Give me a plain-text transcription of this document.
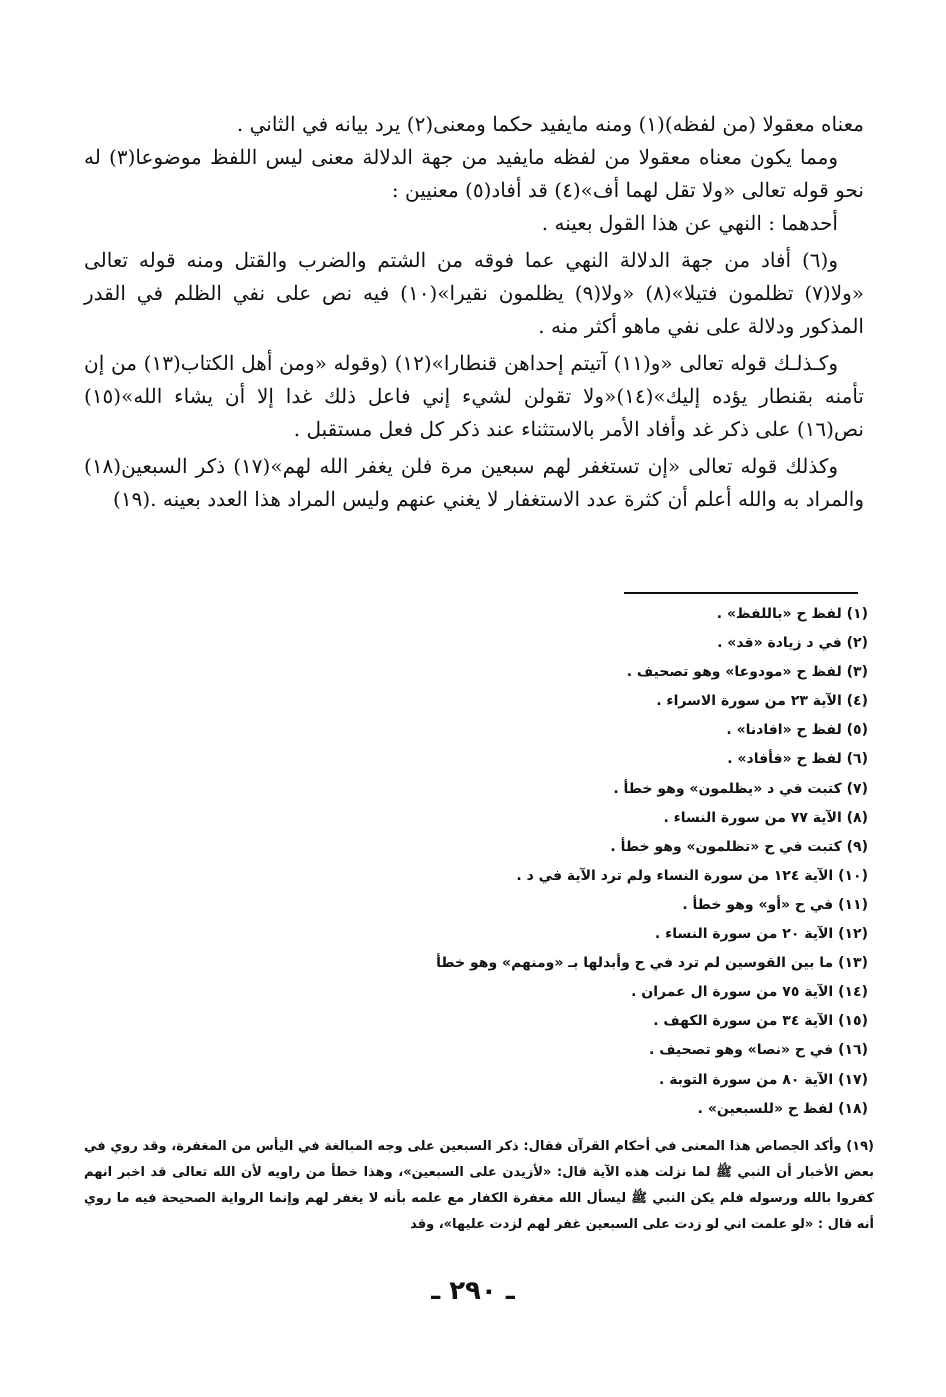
معناه معقولا (من لفظه)(١) ومنه مايفيد حكما ومعنى(٢) يرد بيانه في الثاني .

ومما يكون معناه معقولا من لفظه مايفيد من جهة الدلالة معنى ليس اللفظ موضوعا(٣) له نحو قوله تعالى «ولا تقل لهما أف»(٤) قد أفاد(٥) معنيين :

أحدهما : النهي عن هذا القول بعينه .

و(٦) أفاد من جهة الدلالة النهي عما فوقه من الشتم والضرب والقتل ومنه قوله تعالى «ولا(٧) تظلمون فتيلا»(٨) «ولا(٩) يظلمون نقيرا»(١٠) فيه نص على نفي الظلم في القدر المذكور ودلالة على نفي ماهو أكثر منه .

وكـذلـك قوله تعالى «و(١١) آتيتم إحداهن قنطارا»(١٢) (وقوله «ومن أهل الكتاب(١٣) من إن تأمنه بقنطار يؤده إليك»(١٤)«ولا تقولن لشيء إني فاعل ذلك غدا إلا أن يشاء الله»(١٥) نص(١٦) على ذكر غد وأفاد الأمر بالاستثناء عند ذكر كل فعل مستقبل .

وكذلك قوله تعالى «إن تستغفر لهم سبعين مرة فلن يغفر الله لهم»(١٧) ذكر السبعين(١٨) والمراد به والله أعلم أن كثرة عدد الاستغفار لا يغني عنهم وليس المراد هذا العدد بعينه .(١٩)

(١) لفظ ح «باللفظ» .
(٢) في د زيادة «قد» .
(٣) لفظ ح «مودوعا» وهو تصحيف .
(٤) الآية ٢٣ من سورة الاسراء .
(٥) لفظ ح «افادنا» .
(٦) لفظ ح «فأفاد» .
(٧) كتبت في د «يظلمون» وهو خطأ .
(٨) الآية ٧٧ من سورة النساء .
(٩) كتبت في ح «تظلمون» وهو خطأ .
(١٠) الآية ١٢٤ من سورة النساء ولم ترد الآية في د .
(١١) في ح «أو» وهو خطأ .
(١٢) الآية ٢٠ من سورة النساء .
(١٣) ما بين القوسين لم ترد في ح وأبدلها بـ «ومنهم» وهو خطأ
(١٤) الآية ٧٥ من سورة ال عمران .
(١٥) الآية ٣٤ من سورة الكهف .
(١٦) في ح «نصا» وهو تصحيف .
(١٧) الآية ٨٠ من سورة التوبة .
(١٨) لفظ ح «للسبعين» .

(١٩) وأكد الجصاص هذا المعنى في أحكام القرآن فقال: ذكر السبعين على وجه المبالغة في اليأس من المغفرة، وقد روي في بعض الأخبار أن النبي ﷺ لما نزلت هذه الآية قال: «لأزيدن على السبعين»، وهذا خطأ من راويه لأن الله تعالى قد اخبر انهم كفروا بالله ورسوله فلم يكن النبي ﷺ ليسأل الله مغفرة الكفار مع علمه بأنه لا يغفر لهم وإنما الرواية الصحيحة فيه ما روي أنه قال : «لو علمت اني لو زدت على السبعين غفر لهم لزدت عليها»، وقد

ـ ٢٩٠ ـ
